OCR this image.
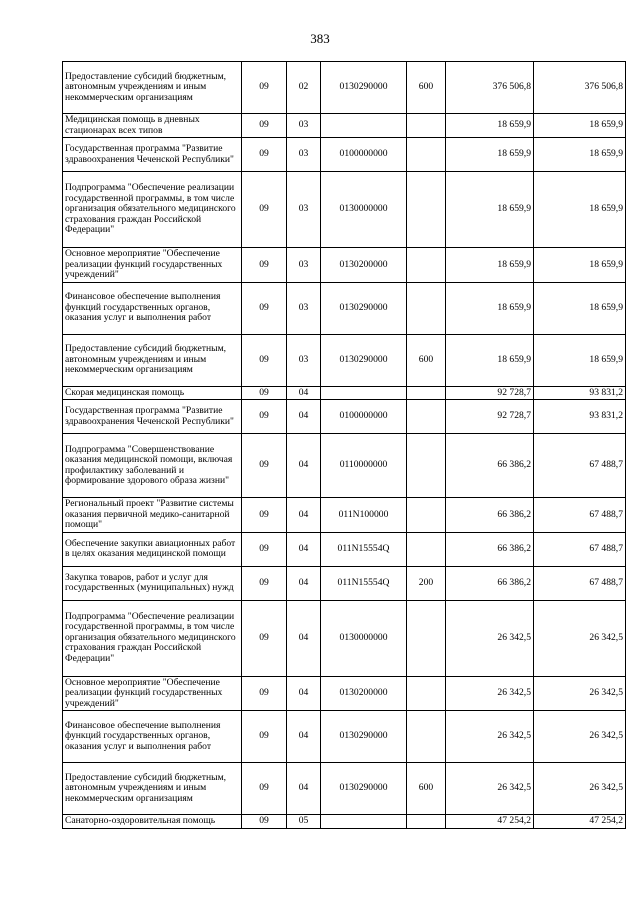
383
Предоставление субсидий бюджетным, автономным учреждениям и иным некоммерческим организациям	09	02	0130290000	600	376 506,8	376 506,8
Медицинская помощь в дневных стационарах всех типов	09	03			18 659,9	18 659,9
Государственная программа "Развитие здравоохранения Чеченской Республики"	09	03	0100000000		18 659,9	18 659,9
Подпрограмма "Обеспечение реализации государственной программы, в том числе организация обязательного медицинского страхования граждан Российской Федерации"	09	03	0130000000		18 659,9	18 659,9
Основное мероприятие "Обеспечение реализации функций государственных учреждений"	09	03	0130200000		18 659,9	18 659,9
Финансовое обеспечение выполнения функций государственных органов, оказания услуг и выполнения работ	09	03	0130290000		18 659,9	18 659,9
Предоставление субсидий бюджетным, автономным учреждениям и иным некоммерческим организациям	09	03	0130290000	600	18 659,9	18 659,9
Скорая медицинская помощь	09	04			92 728,7	93 831,2
Государственная программа "Развитие здравоохранения Чеченской Республики"	09	04	0100000000		92 728,7	93 831,2
Подпрограмма "Совершенствование оказания медицинской помощи, включая профилактику заболеваний и формирование здорового образа жизни"	09	04	0110000000		66 386,2	67 488,7
Региональный проект "Развитие системы оказания первичной медико-санитарной помощи"	09	04	011N100000		66 386,2	67 488,7
Обеспечение закупки авиационных работ в целях оказания медицинской помощи	09	04	011N15554Q		66 386,2	67 488,7
Закупка товаров, работ и услуг для государственных (муниципальных) нужд	09	04	011N15554Q	200	66 386,2	67 488,7
Подпрограмма "Обеспечение реализации государственной программы, в том числе организация обязательного медицинского страхования граждан Российской Федерации"	09	04	0130000000		26 342,5	26 342,5
Основное мероприятие "Обеспечение реализации функций государственных учреждений"	09	04	0130200000		26 342,5	26 342,5
Финансовое обеспечение выполнения функций государственных органов, оказания услуг и выполнения работ	09	04	0130290000		26 342,5	26 342,5
Предоставление субсидий бюджетным, автономным учреждениям и иным некоммерческим организациям	09	04	0130290000	600	26 342,5	26 342,5
Санаторно-оздоровительная помощь	09	05			47 254,2	47 254,2
